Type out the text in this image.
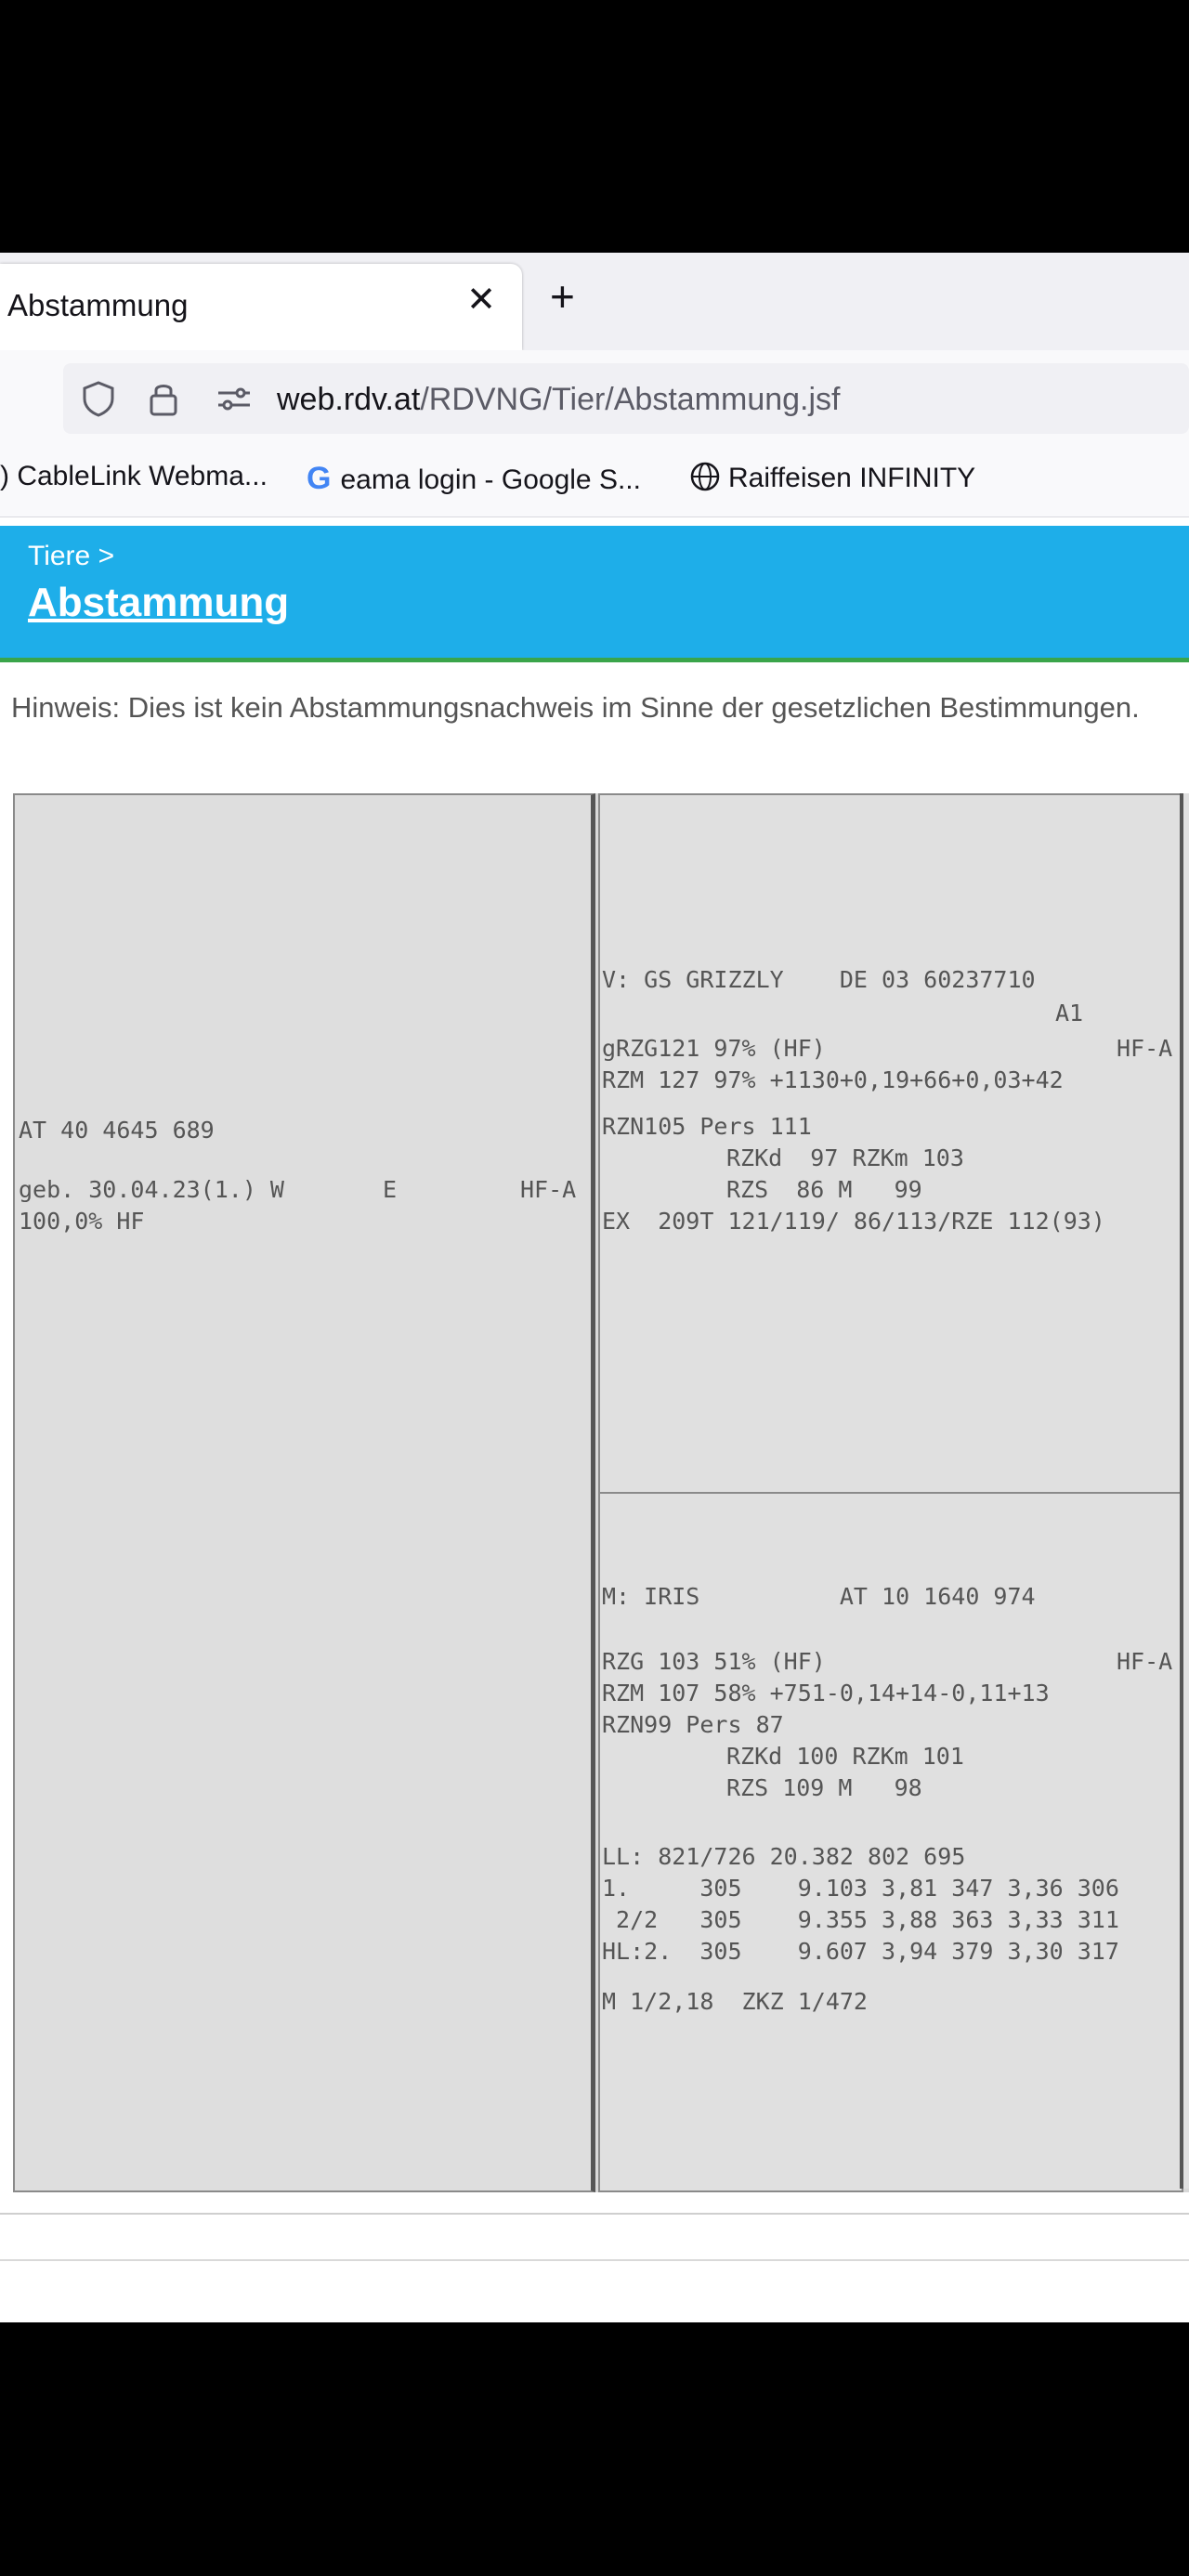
Abstammung	✕ +
web.rdv.at/RDVNG/Tier/Abstammung.jsf
) CableLink Webma... G eama login - Google S...	Raiffeisen INFINITY
Tiere >
Abstammung
Hinweis: Dies ist kein Abstammungsnachweis im Sinne der gesetzlichen Bestimmungen.
AT 40 4645 689
geb. 30.04.23(1.) W	E	HF-A
100,0% HF
V: GS GRIZZLY    DE 03 60237710
A1
gRZG121 97% (HF)	HF-A
RZM 127 97% +1130+0,19+66+0,03+42
RZN105 Pers 111
RZKd  97 RZKm 103
RZS  86 M   99
EX  209T 121/119/ 86/113/RZE 112(93)
M: IRIS          AT 10 1640 974
RZG 103 51% (HF)	HF-A
RZM 107 58% +751-0,14+14-0,11+13
RZN99 Pers 87
RZKd 100 RZKm 101
RZS 109 M   98
LL: 821/726 20.382 802 695
1.     305    9.103 3,81 347 3,36 306
2/2   305    9.355 3,88 363 3,33 311
HL:2.  305    9.607 3,94 379 3,30 317
M 1/2,18  ZKZ 1/472
